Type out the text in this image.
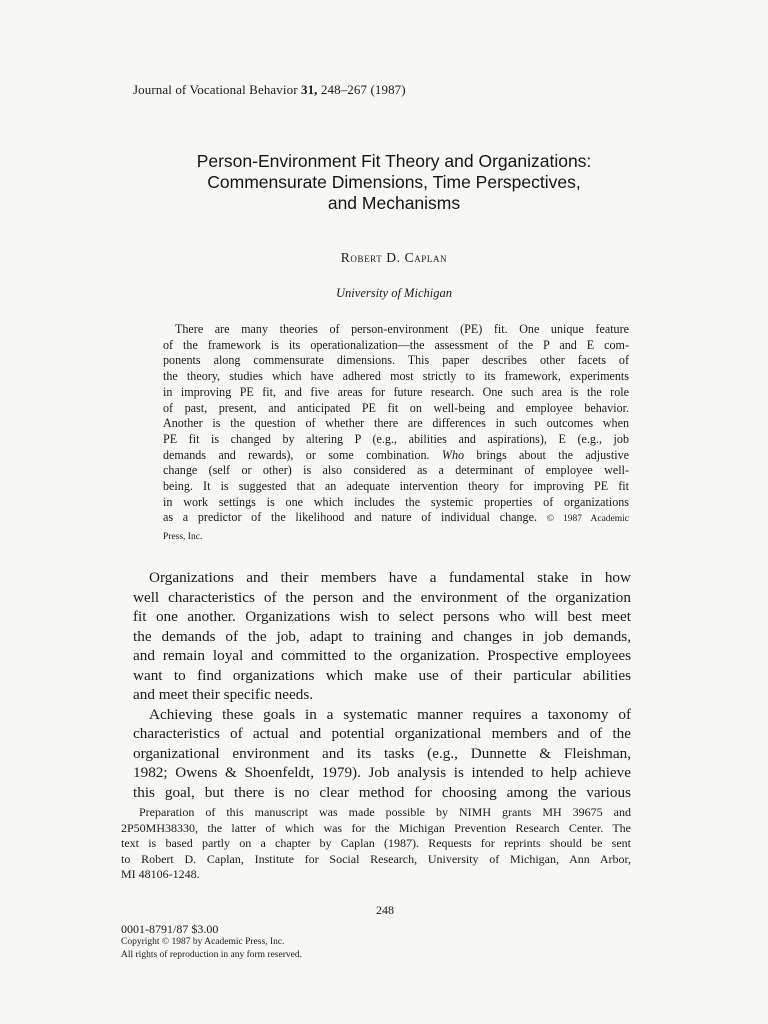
Journal of Vocational Behavior 31, 248–267 (1987)
Person-Environment Fit Theory and Organizations:
Commensurate Dimensions, Time Perspectives,
and Mechanisms
Robert D. Caplan
University of Michigan
There are many theories of person-environment (PE) fit. One unique feature
of the framework is its operationalization—the assessment of the P and E com-
ponents along commensurate dimensions. This paper describes other facets of
the theory, studies which have adhered most strictly to its framework, experiments
in improving PE fit, and five areas for future research. One such area is the role
of past, present, and anticipated PE fit on well-being and employee behavior.
Another is the question of whether there are differences in such outcomes when
PE fit is changed by altering P (e.g., abilities and aspirations), E (e.g., job
demands and rewards), or some combination. Who brings about the adjustive
change (self or other) is also considered as a determinant of employee well-
being. It is suggested that an adequate intervention theory for improving PE fit
in work settings is one which includes the systemic properties of organizations
as a predictor of the likelihood and nature of individual change. © 1987 Academic
Press, Inc.
Organizations and their members have a fundamental stake in how
well characteristics of the person and the environment of the organization
fit one another. Organizations wish to select persons who will best meet
the demands of the job, adapt to training and changes in job demands,
and remain loyal and committed to the organization. Prospective employees
want to find organizations which make use of their particular abilities
and meet their specific needs.
Achieving these goals in a systematic manner requires a taxonomy of
characteristics of actual and potential organizational members and of the
organizational environment and its tasks (e.g., Dunnette & Fleishman,
1982; Owens & Shoenfeldt, 1979). Job analysis is intended to help achieve
this goal, but there is no clear method for choosing among the various
Preparation of this manuscript was made possible by NIMH grants MH 39675 and
2P50MH38330, the latter of which was for the Michigan Prevention Research Center. The
text is based partly on a chapter by Caplan (1987). Requests for reprints should be sent
to Robert D. Caplan, Institute for Social Research, University of Michigan, Ann Arbor,
MI 48106-1248.
248
0001-8791/87 $3.00
Copyright © 1987 by Academic Press, Inc.
All rights of reproduction in any form reserved.
